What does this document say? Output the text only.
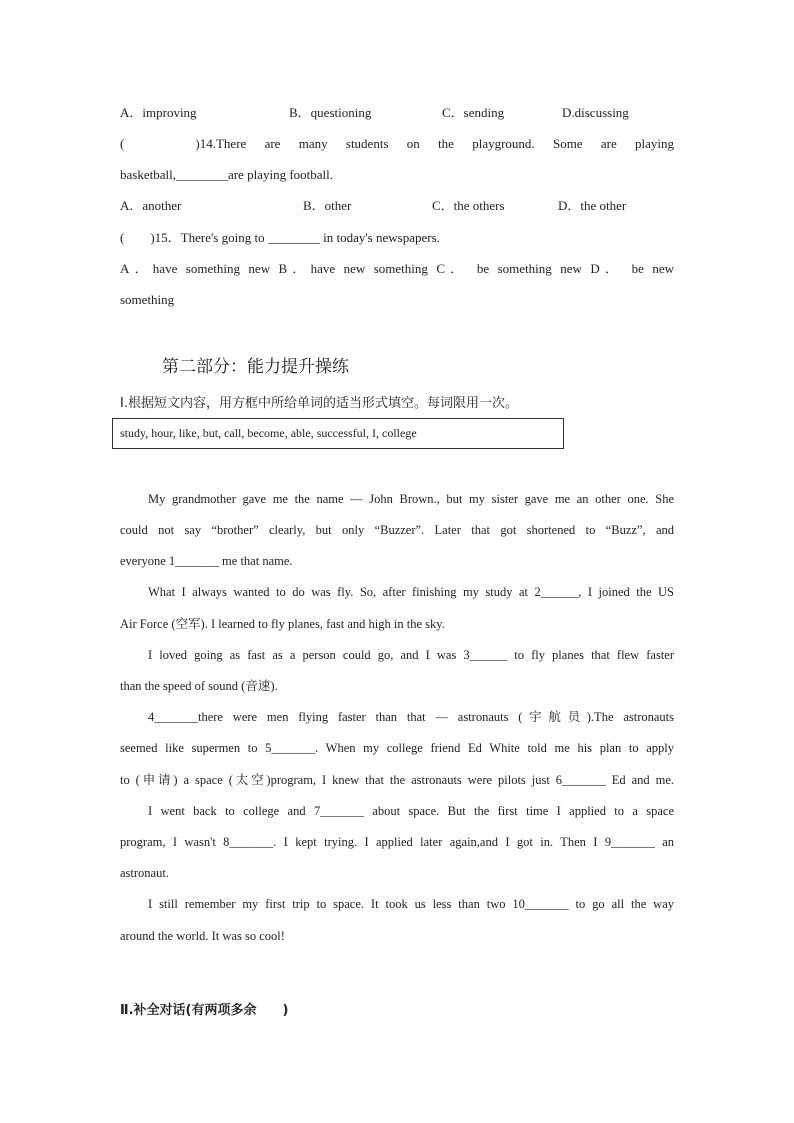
A．improving	B．questioning	C．sending	D.discussing
(　　)14.There are many students on the playground. Some are playing
basketball,________are playing football.
A．another	B．other	C．the others	D．the other
(　　)15．There's going to ________ in today's newspapers.
A．have something new B．have new something C． be something new D． be new
something
第二部分：能力提升操练
Ⅰ.根据短文内容，用方框中所给单词的适当形式填空。每词限用一次。
study, hour, like, but, call, become, able, successful, I, college
My grandmother gave me the name — John Brown., but my sister gave me an other one. She
could not say “brother” clearly, but only “Buzzer”. Later that got shortened to “Buzz”, and
everyone 1_______ me that name.
What I always wanted to do was fly. So, after finishing my study at 2______, I joined the US
Air Force (空军). I learned to fly planes, fast and high in the sky.
I loved going as fast as a person could go, and I was 3______ to fly planes that flew faster
than the speed of sound (音速).
4_______there were men flying faster than that — astronauts (宇航员).The astronauts
seemed like supermen to 5_______. When my college friend Ed White told me his plan to apply
to (申请) a space (太空)program, I knew that the astronauts were pilots just 6_______ Ed and me.
I went back to college and 7_______ about space. But the first time I applied to a space
program, I wasn't 8_______. I kept trying. I applied later again,and I got in. Then I 9_______ an
astronaut.
I still remember my first trip to space. It took us less than two 10_______ to go all the way
around the world. It was so cool!
Ⅱ.补全对话(有两项多余　　)
